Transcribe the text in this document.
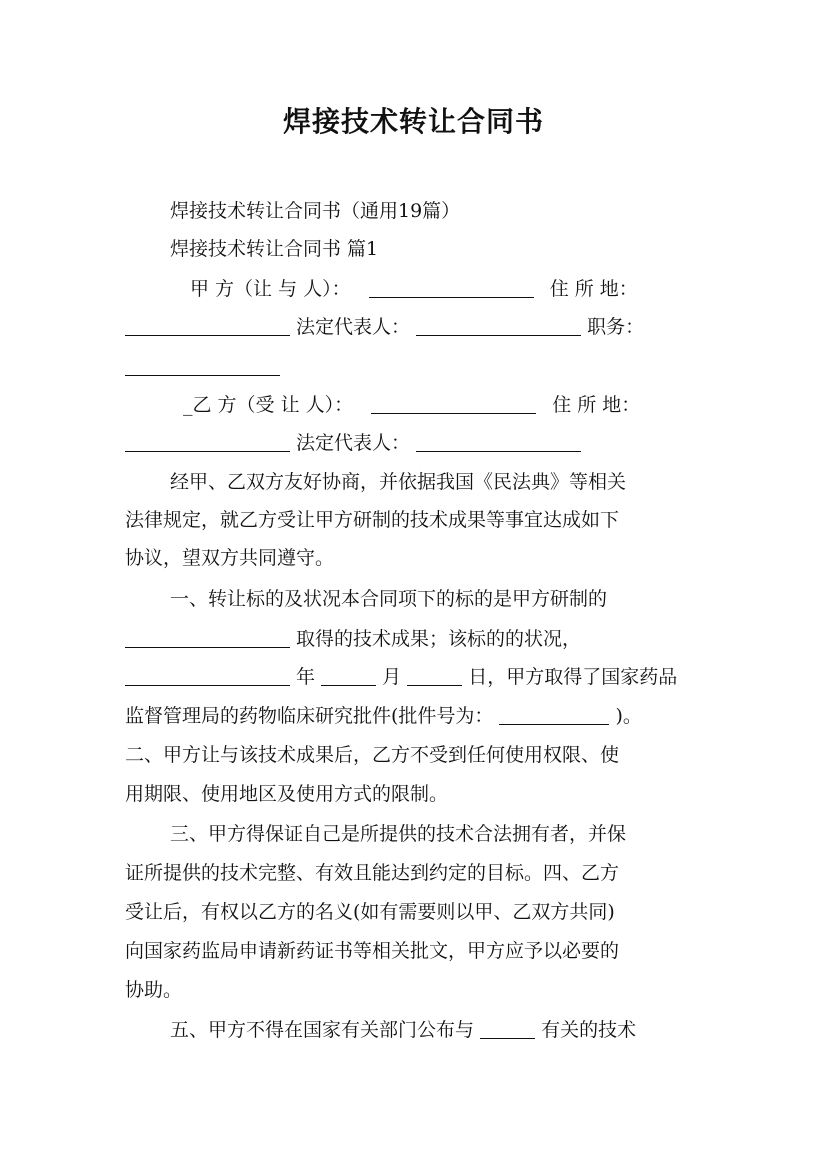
焊接技术转让合同书
焊接技术转让合同书（通用19篇）
焊接技术转让合同书 篇1
甲 方（让 与 人）：	住 所 地：
法定代表人：	职务：
_乙 方（受 让 人）：	住 所 地：
法定代表人：
经甲、乙双方友好协商，并依据我国《民法典》等相关
法律规定，就乙方受让甲方研制的技术成果等事宜达成如下
协议，望双方共同遵守。
一、转让标的及状况本合同项下的标的是甲方研制的
取得的技术成果；该标的的状况，
年	月	日，甲方取得了国家药品
监督管理局的药物临床研究批件(批件号为：	)。
二、甲方让与该技术成果后，乙方不受到任何使用权限、使
用期限、使用地区及使用方式的限制。
三、甲方得保证自己是所提供的技术合法拥有者，并保
证所提供的技术完整、有效且能达到约定的目标。四、乙方
受让后，有权以乙方的名义(如有需要则以甲、乙双方共同)
向国家药监局申请新药证书等相关批文，甲方应予以必要的
协助。
五、甲方不得在国家有关部门公布与	有关的技术
